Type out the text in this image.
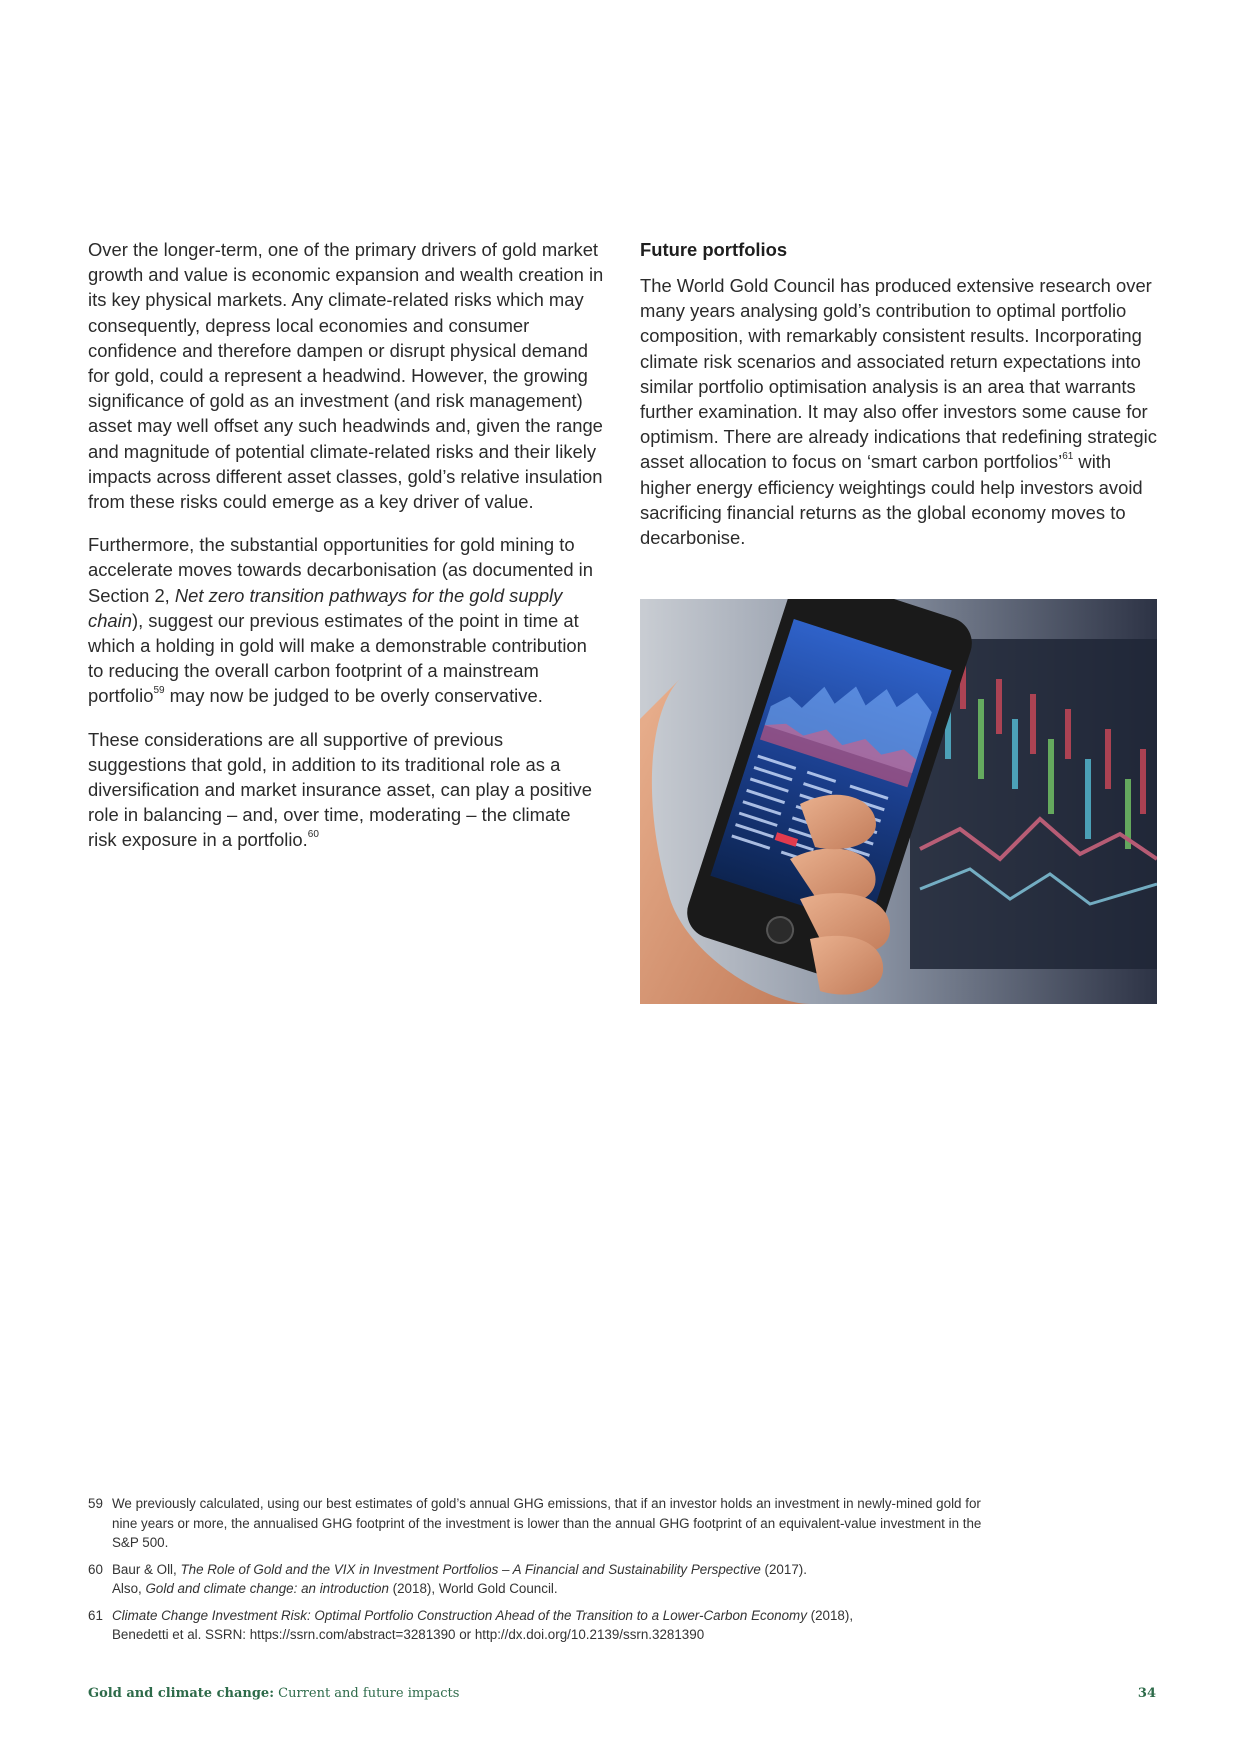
Over the longer-term, one of the primary drivers of gold market growth and value is economic expansion and wealth creation in its key physical markets. Any climate-related risks which may consequently, depress local economies and consumer confidence and therefore dampen or disrupt physical demand for gold, could a represent a headwind. However, the growing significance of gold as an investment (and risk management) asset may well offset any such headwinds and, given the range and magnitude of potential climate-related risks and their likely impacts across different asset classes, gold’s relative insulation from these risks could emerge as a key driver of value.

Furthermore, the substantial opportunities for gold mining to accelerate moves towards decarbonisation (as documented in Section 2, Net zero transition pathways for the gold supply chain), suggest our previous estimates of the point in time at which a holding in gold will make a demonstrable contribution to reducing the overall carbon footprint of a mainstream portfolio$^{59}$ may now be judged to be overly conservative.

These considerations are all supportive of previous suggestions that gold, in addition to its traditional role as a diversification and market insurance asset, can play a positive role in balancing – and, over time, moderating – the climate risk exposure in a portfolio.$^{60}$

Future portfolios

The World Gold Council has produced extensive research over many years analysing gold’s contribution to optimal portfolio composition, with remarkably consistent results. Incorporating climate risk scenarios and associated return expectations into similar portfolio optimisation analysis is an area that warrants further examination. It may also offer investors some cause for optimism. There are already indications that redefining strategic asset allocation to focus on ‘smart carbon portfolios’$^{61}$ with higher energy efficiency weightings could help investors avoid sacrificing financial returns as the global economy moves to decarbonise.

59 We previously calculated, using our best estimates of gold’s annual GHG emissions, that if an investor holds an investment in newly-mined gold for nine years or more, the annualised GHG footprint of the investment is lower than the annual GHG footprint of an equivalent-value investment in the S&P 500.
60 Baur & Oll, The Role of Gold and the VIX in Investment Portfolios – A Financial and Sustainability Perspective (2017).
Also, Gold and climate change: an introduction (2018), World Gold Council.
61 Climate Change Investment Risk: Optimal Portfolio Construction Ahead of the Transition to a Lower-Carbon Economy (2018),
Benedetti et al. SSRN: https://ssrn.com/abstract=3281390 or http://dx.doi.org/10.2139/ssrn.3281390
Gold and climate change: Current and future impacts	34
